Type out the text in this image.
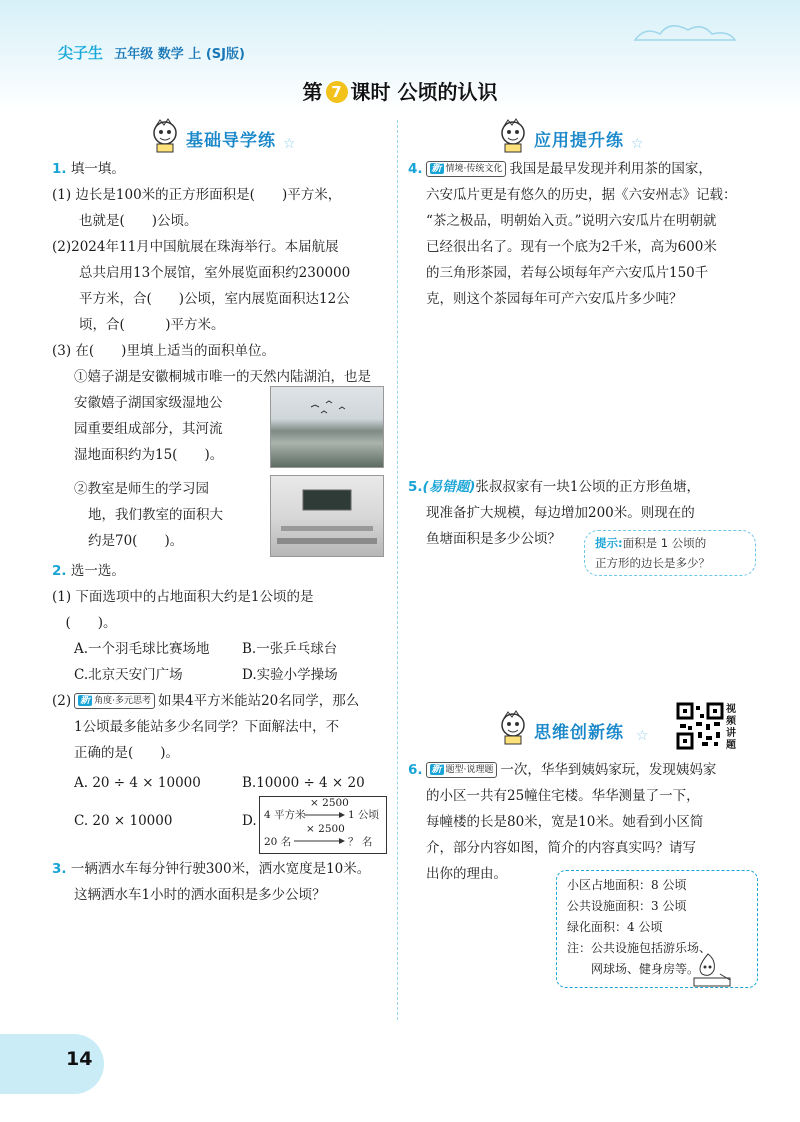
尖子生 五年级 数学 上 (SJ版)
第 7 课时 公顷的认识
基础导学练 ☆	应用提升练 ☆
思维创新练 ☆
1. 填一填。
(1) 边长是100米的正方形面积是(　　)平方米，
　　也就是(　　)公顷。
(2)2024年11月中国航展在珠海举行。本届航展
　　总共启用13个展馆，室外展览面积约230000
　　平方米，合(　　)公顷，室内展览面积达12公
　　顷，合(　　　)平方米。
(3) 在(　　)里填上适当的面积单位。
①嬉子湖是安徽桐城市唯一的天然内陆湖泊，也是
安徽嬉子湖国家级湿地公
园重要组成部分，其河流
湿地面积约为15(　　)。
②教室是师生的学习园
地，我们教室的面积大
约是70(　　)。
2. 选一选。
(1) 下面选项中的占地面积大约是1公顷的是
　(　　)。
A.一个羽毛球比赛场地 B.一张乒乓球台
C.北京天安门广场	D.实验小学操场
(2) 新 角度·多元思考 如果4平方米能站20名同学，那么
1公顷最多能站多少名同学？下面解法中，不
正确的是(　　)。
A. 20 ÷ 4 × 10000	B.10000 ÷ 4 × 20
C. 20 × 10000	D.
3. 一辆洒水车每分钟行驶300米，洒水宽度是10米。
这辆洒水车1小时的洒水面积是多少公顷？
4 平方米
× 2500
1 公顷
20 名
× 2500
？ 名
4. 新 情境·传统文化 我国是最早发现并利用茶的国家，
六安瓜片更是有悠久的历史，据《六安州志》记载：
“茶之极品，明朝始入贡。”说明六安瓜片在明朝就
已经很出名了。现有一个底为2千米，高为600米
的三角形茶园，若每公顷每年产六安瓜片150千
克，则这个茶园每年可产六安瓜片多少吨？
5.(易错题)张叔叔家有一块1公顷的正方形鱼塘，
现准备扩大规模，每边增加200米。则现在的
鱼塘面积是多少公顷？	提示:面积是 1 公顷的
正方形的边长是多少？
视频讲题
6. 新 题型·说理题 一次，华华到姨妈家玩，发现姨妈家
的小区一共有25幢住宅楼。华华测量了一下，
每幢楼的长是80米，宽是10米。她看到小区简
介，部分内容如图，简介的内容真实吗？请写
出你的理由。
小区占地面积：8 公顷
公共设施面积：3 公顷
绿化面积：4 公顷
注：公共设施包括游乐场、
　　网球场、健身房等。
14
